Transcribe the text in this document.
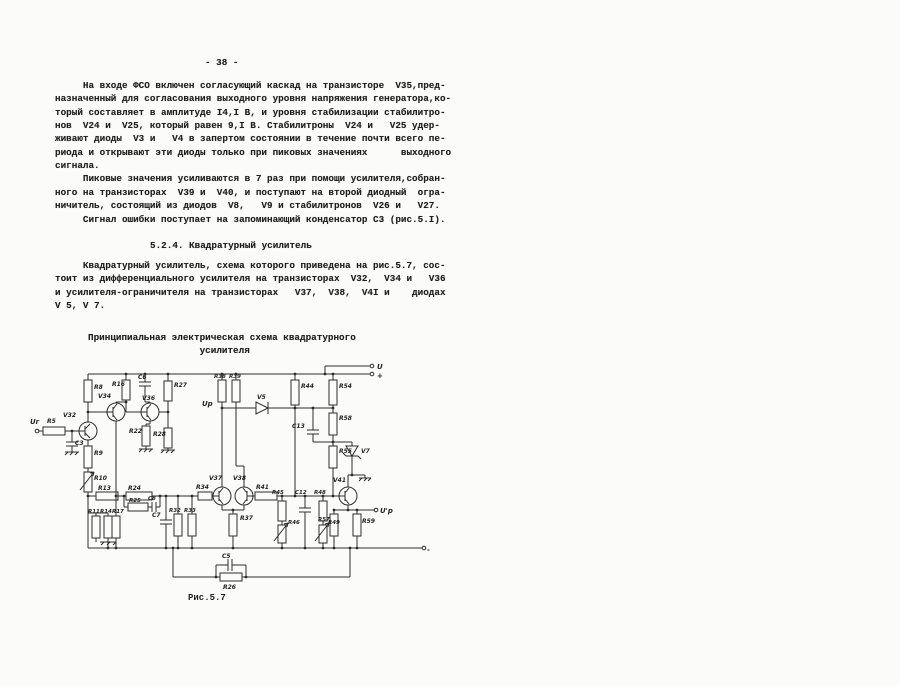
- 38 -
На входе ФСО включен согласующий каскад на транзисторе  V35,пред-
назначенный для согласования выходного уровня напряжения генератора,ко-
торый составляет в амплитуде I4,I В, и уровня стабилизации стабилитро-
нов  V24 и  V25, который равен 9,I В. Стабилитроны  V24 и   V25 удер-
живают диоды  V3 и   V4 в запертом состоянии в течение почти всего пе-
риода и открывают эти диоды только при пиковых значениях      выходного
сигнала.
Пиковые значения усиливаются в 7 раз при помощи усилителя,собран-
ного на транзисторах  V39 и  V40, и поступают на второй диодный  огра-
ничитель, состоящий из диодов  V8,   V9 и стабилитронов  V26 и   V27.
Сигнал ошибки поступает на запоминающий конденсатор С3 (рис.5.I).
5.2.4. Квадратурный усилитель
Квадратурный усилитель, схема которого приведена на рис.5.7, сос-
тоит из дифференциального усилителя на транзисторах  V32,  V34 и   V36
и усилителя-ограничителя на транзисторах   V37,  V38,  V4I и    диодах
V 5, V 7.
Принципиальная электрическая схема квадратурного
усилителя
U
+
-
Uг
Up
U'p
R5
V32
C3
R8
R9
R10
R13
R11 R14 R17
R16
C6
R27
V34	V36
R22 R28
R24
R25 C8
C7
R32 R33
R34
V37 V38
R37
R38 R39
V5
R41
R44
C13
R54
R58
R55 V7
V41
R45 C12 R48
R46	R49
R57	R59
C5
R26
Рис.5.7
